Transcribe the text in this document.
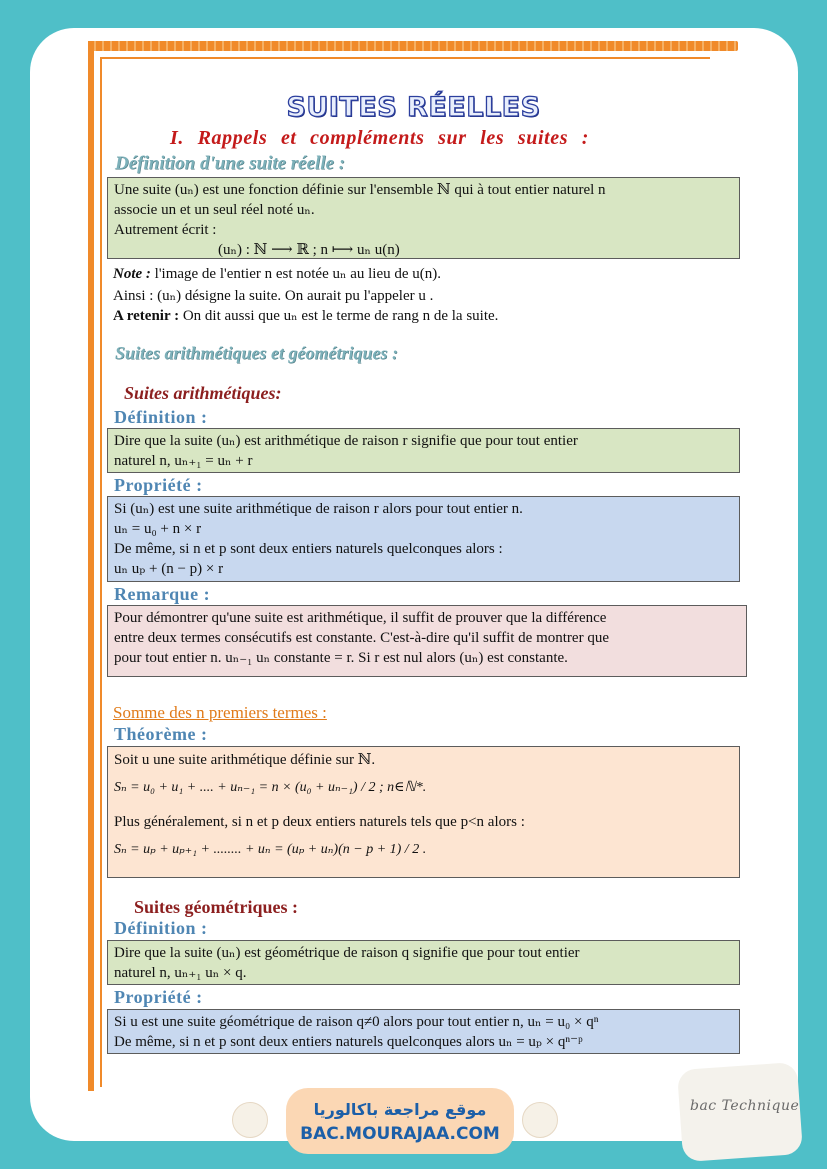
SUITES RÉELLES
I. Rappels et compléments sur les suites :
Définition d'une suite réelle :
Une suite (uₙ) est une fonction définie sur l'ensemble ℕ qui à tout entier naturel n
associe un et un seul réel noté uₙ.
Autrement écrit :
(uₙ) : ℕ ⟶ ℝ ; n ⟼ uₙ u(n)
Note : l'image de l'entier n est notée uₙ au lieu de u(n).
Ainsi : (uₙ) désigne la suite. On aurait pu l'appeler u .
A retenir : On dit aussi que uₙ est le terme de rang n de la suite.
Suites arithmétiques et géométriques :
Suites arithmétiques:
Définition :
Dire que la suite (uₙ) est arithmétique de raison r signifie que pour tout entier
naturel n, uₙ₊₁ = uₙ + r
Propriété :
Si (uₙ) est une suite arithmétique de raison r alors pour tout entier n.
uₙ = u₀ + n × r
De même, si n et p sont deux entiers naturels quelconques alors :
uₙ uₚ + (n − p) × r
Remarque :
Pour démontrer qu'une suite est arithmétique, il suffit de prouver que la différence
entre deux termes consécutifs est constante. C'est-à-dire qu'il suffit de montrer que
pour tout entier n. uₙ₋₁ uₙ constante = r. Si r est nul alors (uₙ) est constante.
Somme des n premiers termes :
Théorème :
Soit u une suite arithmétique définie sur ℕ.
Sₙ = u₀ + u₁ + .... + uₙ₋₁ = n × (u₀ + uₙ₋₁) / 2 ; n∈ℕ*.
Plus généralement, si n et p deux entiers naturels tels que p<n alors :
Sₙ = uₚ + uₚ₊₁ + ........ + uₙ = (uₚ + uₙ)(n − p + 1) / 2 .
Suites géométriques :
Définition :
Dire que la suite (uₙ) est géométrique de raison q signifie que pour tout entier
naturel n, uₙ₊₁ uₙ × q.
Propriété :
Si u est une suite géométrique de raison q≠0 alors pour tout entier n, uₙ = u₀ × qⁿ
De même, si n et p sont deux entiers naturels quelconques alors uₙ = uₚ × qⁿ⁻ᵖ
موقع مراجعة باكالوريا
BAC.MOURAJAA.COM
bac Technique
